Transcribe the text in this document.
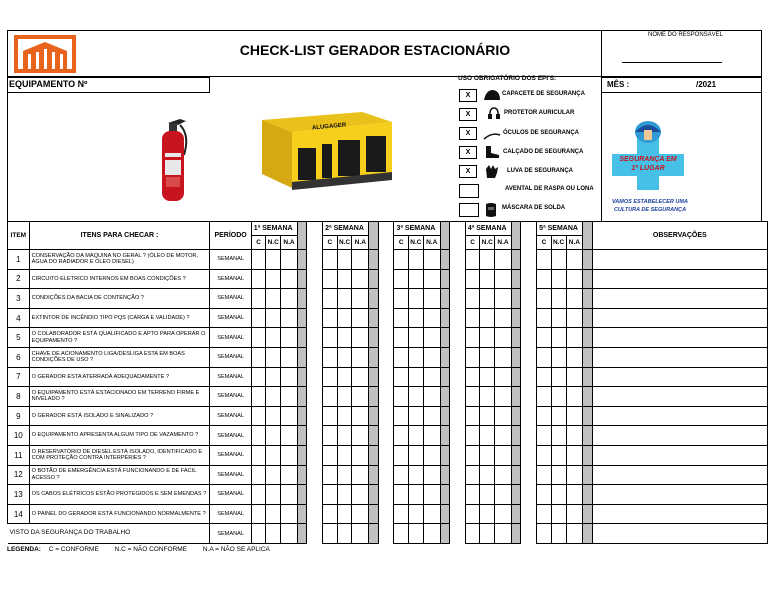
NOME DO RESPONSÁVEL
CHECK-LIST GERADOR ESTACIONÁRIO
EQUIPAMENTO Nº	MÊS :	/2021
ALUGAGER
USO OBRIGATÓRIO DOS EPI'S:
X	CAPACETE DE SEGURANÇA
X	PROTETOR AURICULAR
X	ÓCULOS DE SEGURANÇA
X	CALÇADO DE SEGURANÇA
X	LUVA DE SEGURANÇA
AVENTAL DE RASPA OU LONA
MÁSCARA DE SOLDA
SEGURANÇA EM
1º LUGAR
VAMOS ESTABELECER UMA
CULTURA DE SEGURANÇA
ITEM	ITENS PARA CHECAR :	PERÍODO	1ª SEMANA					2ª SEMANA					3ª SEMANA					4ª SEMANA					5ª SEMANA				OBSERVAÇÕES
			C	N.C	N.A			C	N.C	N.A			C	N.C	N.A			C	N.C	N.A			C	N.C	N.A		
1	CONSERVAÇÃO DA MAQUINA NO GERAL ? (ÓLEO DE MOTOR, ÁGUA DO RADIADOR E ÓLEO DIESEL)	SEMANAL																									
2	CIRCUITO ELETRICO INTERNOS EM BOAS CONDIÇÕES ?	SEMANAL																									
3	CONDIÇÕES DA BACIA DE CONTENÇÃO ?	SEMANAL																									
4	EXTINTOR DE INCÊNDIO TIPO PQS (CARGA E VALIDADE) ?	SEMANAL																									
5	O COLABORADOR ESTÁ QUALIFICADO E APTO PARA OPERAR O EQUIPAMENTO ?	SEMANAL																									
6	CHAVE DE ACIONAMENTO LIGA/DESLIGA ESTA EM BOAS CONDIÇÕES DE USO ?	SEMANAL																									
7	O GERADOR ESTA ATERRADA ADEQUADAMENTE ?	SEMANAL																									
8	O EQUIPAMENTO ESTÁ ESTACIONADO EM TERRENO FIRME E NIVELADO ?	SEMANAL																									
9	O GERADOR ESTÁ ISOLADO E SINALIZADO ?	SEMANAL																									
10	O EQUIPAMENTO APRESENTA ALGUM TIPO DE VAZAMENTO ?	SEMANAL																									
11	O RESERVATÓRIO DE DIESEL ESTÁ ISOLADO, IDENTIFICADO E COM PROTEÇÃO CONTRA INTERPÉRIES ?	SEMANAL																									
12	O BOTÃO DE EMERGÊNCIA ESTÁ FUNCIONANDO E DE FACIL ACESSO ?	SEMANAL																									
13	OS CABOS ELÉTRICOS ESTÃO PROTEGIDOS E SEM EMENDAS ?	SEMANAL																									
14	O PAINEL DO GERADOR ESTÁ FUNCIONANDO NORMALMENTE ?	SEMANAL																									
VISTO DA SEGURANÇA DO TRABALHO		SEMANAL																									
LEGENDA: C = CONFORME N.C = NÃO CONFORME N.A = NÃO SE APLICA
